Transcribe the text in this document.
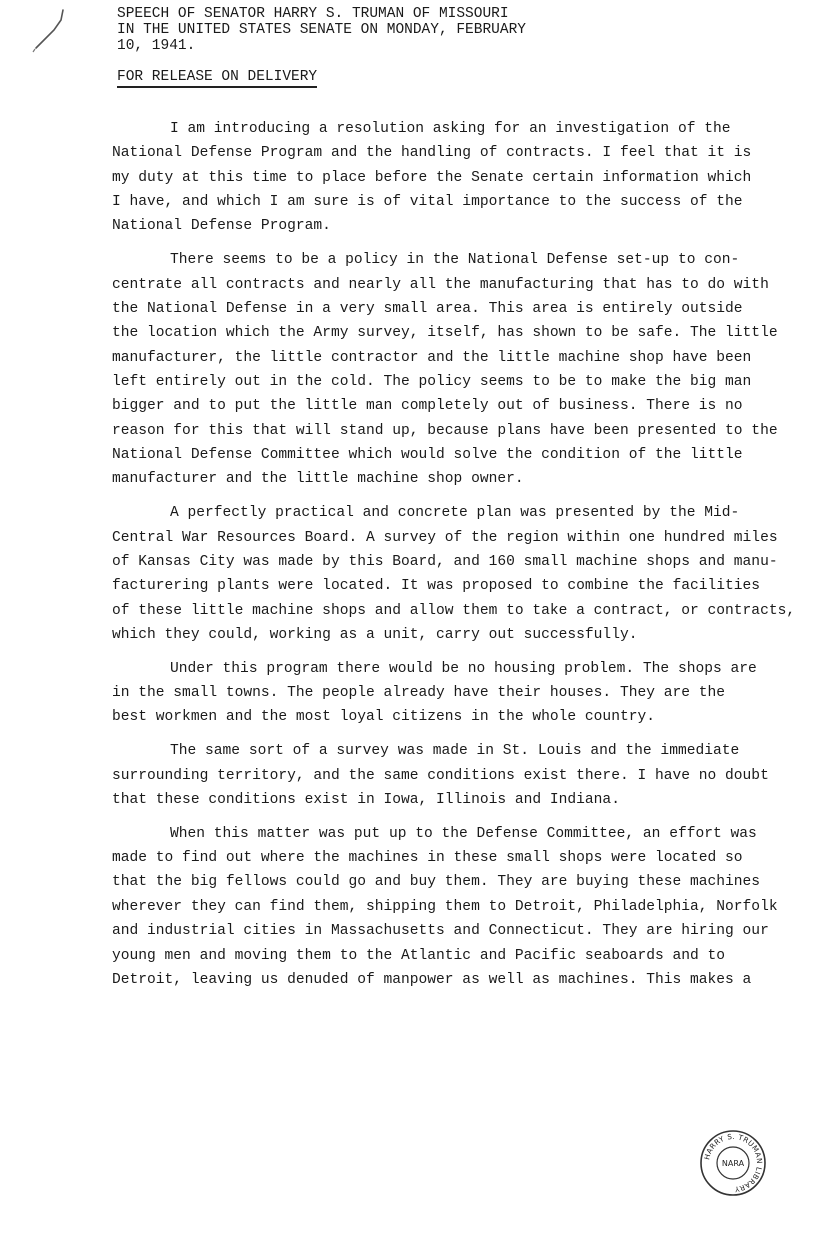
SPEECH OF SENATOR HARRY S. TRUMAN OF MISSOURI
IN THE UNITED STATES SENATE ON MONDAY, FEBRUARY
10, 1941.
FOR RELEASE ON DELIVERY
I am introducing a resolution asking for an investigation of the
National Defense Program and the handling of contracts. I feel that it is
my duty at this time to place before the Senate certain information which
I have, and which I am sure is of vital importance to the success of the
National Defense Program.
There seems to be a policy in the National Defense set-up to con-
centrate all contracts and nearly all the manufacturing that has to do with
the National Defense in a very small area. This area is entirely outside
the location which the Army survey, itself, has shown to be safe. The little
manufacturer, the little contractor and the little machine shop have been
left entirely out in the cold. The policy seems to be to make the big man
bigger and to put the little man completely out of business. There is no
reason for this that will stand up, because plans have been presented to the
National Defense Committee which would solve the condition of the little
manufacturer and the little machine shop owner.
A perfectly practical and concrete plan was presented by the Mid-
Central War Resources Board. A survey of the region within one hundred miles
of Kansas City was made by this Board, and 160 small machine shops and manu-
facturering plants were located. It was proposed to combine the facilities
of these little machine shops and allow them to take a contract, or contracts,
which they could, working as a unit, carry out successfully.
Under this program there would be no housing problem. The shops are
in the small towns. The people already have their houses. They are the
best workmen and the most loyal citizens in the whole country.
The same sort of a survey was made in St. Louis and the immediate
surrounding territory, and the same conditions exist there. I have no doubt
that these conditions exist in Iowa, Illinois and Indiana.
When this matter was put up to the Defense Committee, an effort was
made to find out where the machines in these small shops were located so
that the big fellows could go and buy them. They are buying these machines
wherever they can find them, shipping them to Detroit, Philadelphia, Norfolk
and industrial cities in Massachusetts and Connecticut. They are hiring our
young men and moving them to the Atlantic and Pacific seaboards and to
Detroit, leaving us denuded of manpower as well as machines. This makes a
HARRY S. TRUMAN LIBRARY
NARA
